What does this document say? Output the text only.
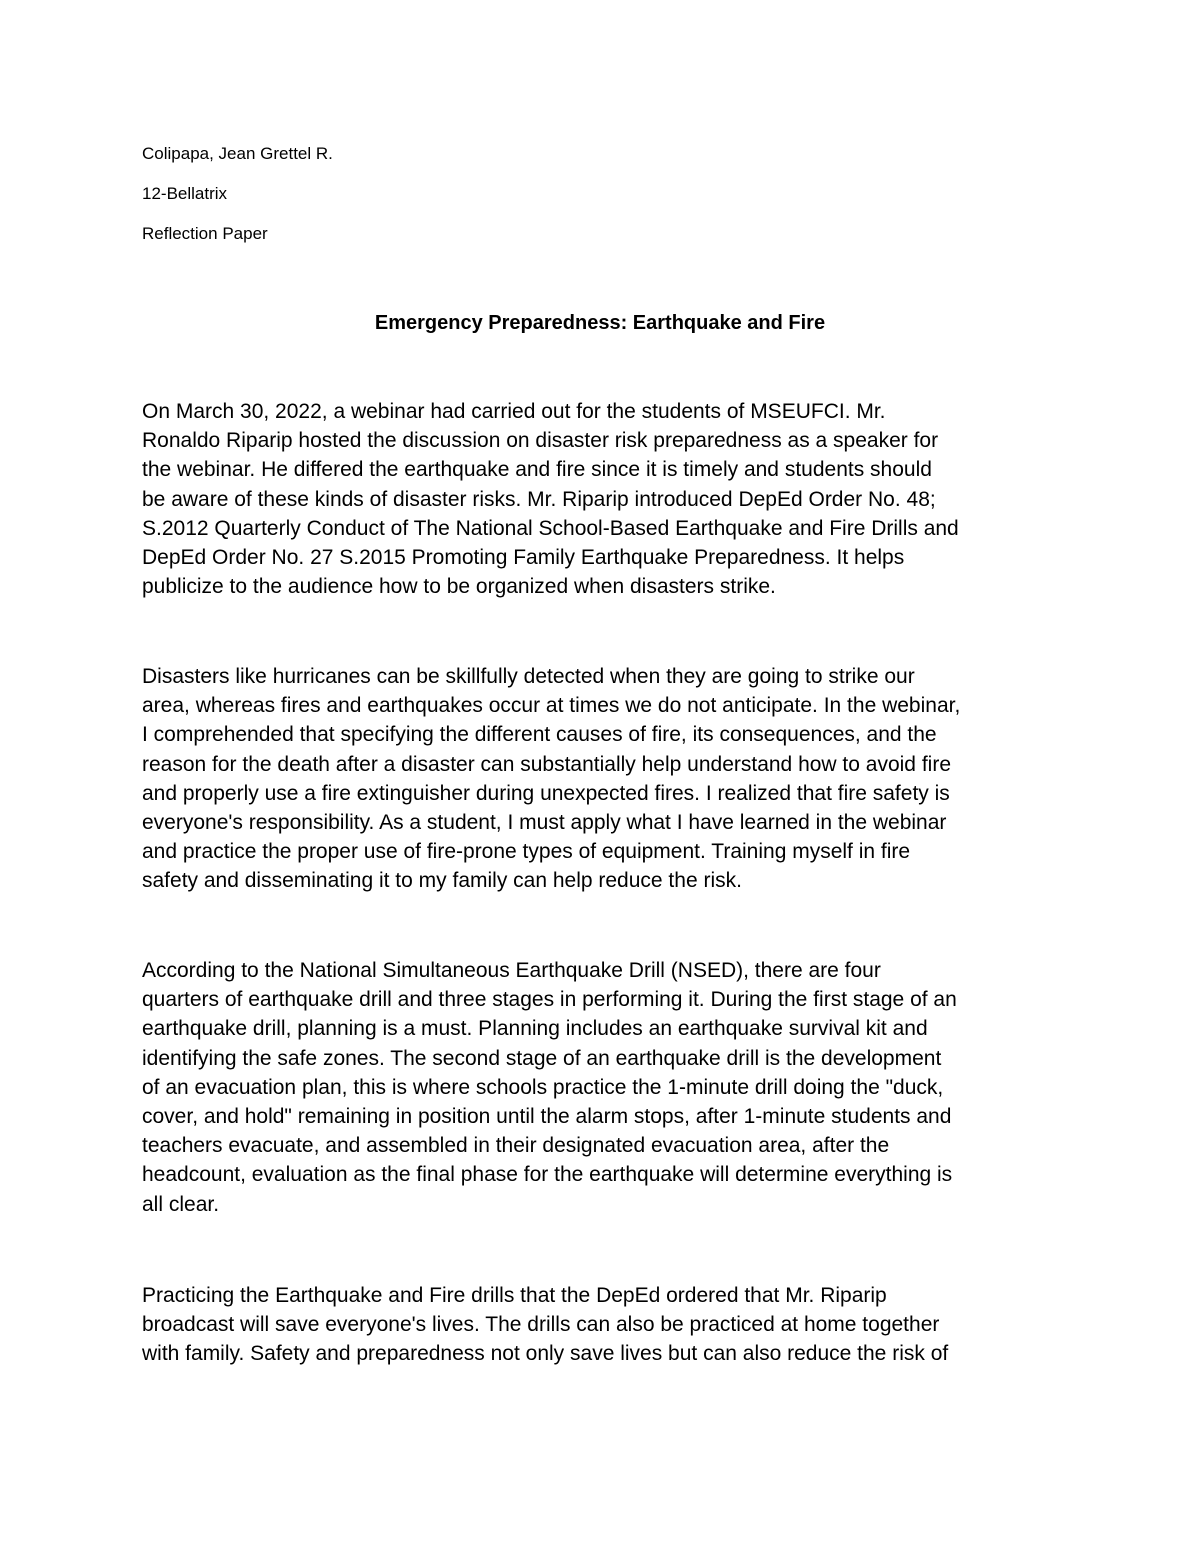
Colipapa, Jean Grettel R.
12-Bellatrix
Reflection Paper
Emergency Preparedness: Earthquake and Fire

On March 30, 2022, a webinar had carried out for the students of MSEUFCI. Mr.
Ronaldo Riparip hosted the discussion on disaster risk preparedness as a speaker for
the webinar. He differed the earthquake and fire since it is timely and students should
be aware of these kinds of disaster risks. Mr. Riparip introduced DepEd Order No. 48;
S.2012 Quarterly Conduct of The National School-Based Earthquake and Fire Drills and
DepEd Order No. 27 S.2015 Promoting Family Earthquake Preparedness. It helps
publicize to the audience how to be organized when disasters strike.

Disasters like hurricanes can be skillfully detected when they are going to strike our
area, whereas fires and earthquakes occur at times we do not anticipate. In the webinar,
I comprehended that specifying the different causes of fire, its consequences, and the
reason for the death after a disaster can substantially help understand how to avoid fire
and properly use a fire extinguisher during unexpected fires. I realized that fire safety is
everyone's responsibility. As a student, I must apply what I have learned in the webinar
and practice the proper use of fire-prone types of equipment. Training myself in fire
safety and disseminating it to my family can help reduce the risk.

According to the National Simultaneous Earthquake Drill (NSED), there are four
quarters of earthquake drill and three stages in performing it. During the first stage of an
earthquake drill, planning is a must. Planning includes an earthquake survival kit and
identifying the safe zones. The second stage of an earthquake drill is the development
of an evacuation plan, this is where schools practice the 1-minute drill doing the "duck,
cover, and hold" remaining in position until the alarm stops, after 1-minute students and
teachers evacuate, and assembled in their designated evacuation area, after the
headcount, evaluation as the final phase for the earthquake will determine everything is
all clear.

Practicing the Earthquake and Fire drills that the DepEd ordered that Mr. Riparip
broadcast will save everyone's lives. The drills can also be practiced at home together
with family. Safety and preparedness not only save lives but can also reduce the risk of
